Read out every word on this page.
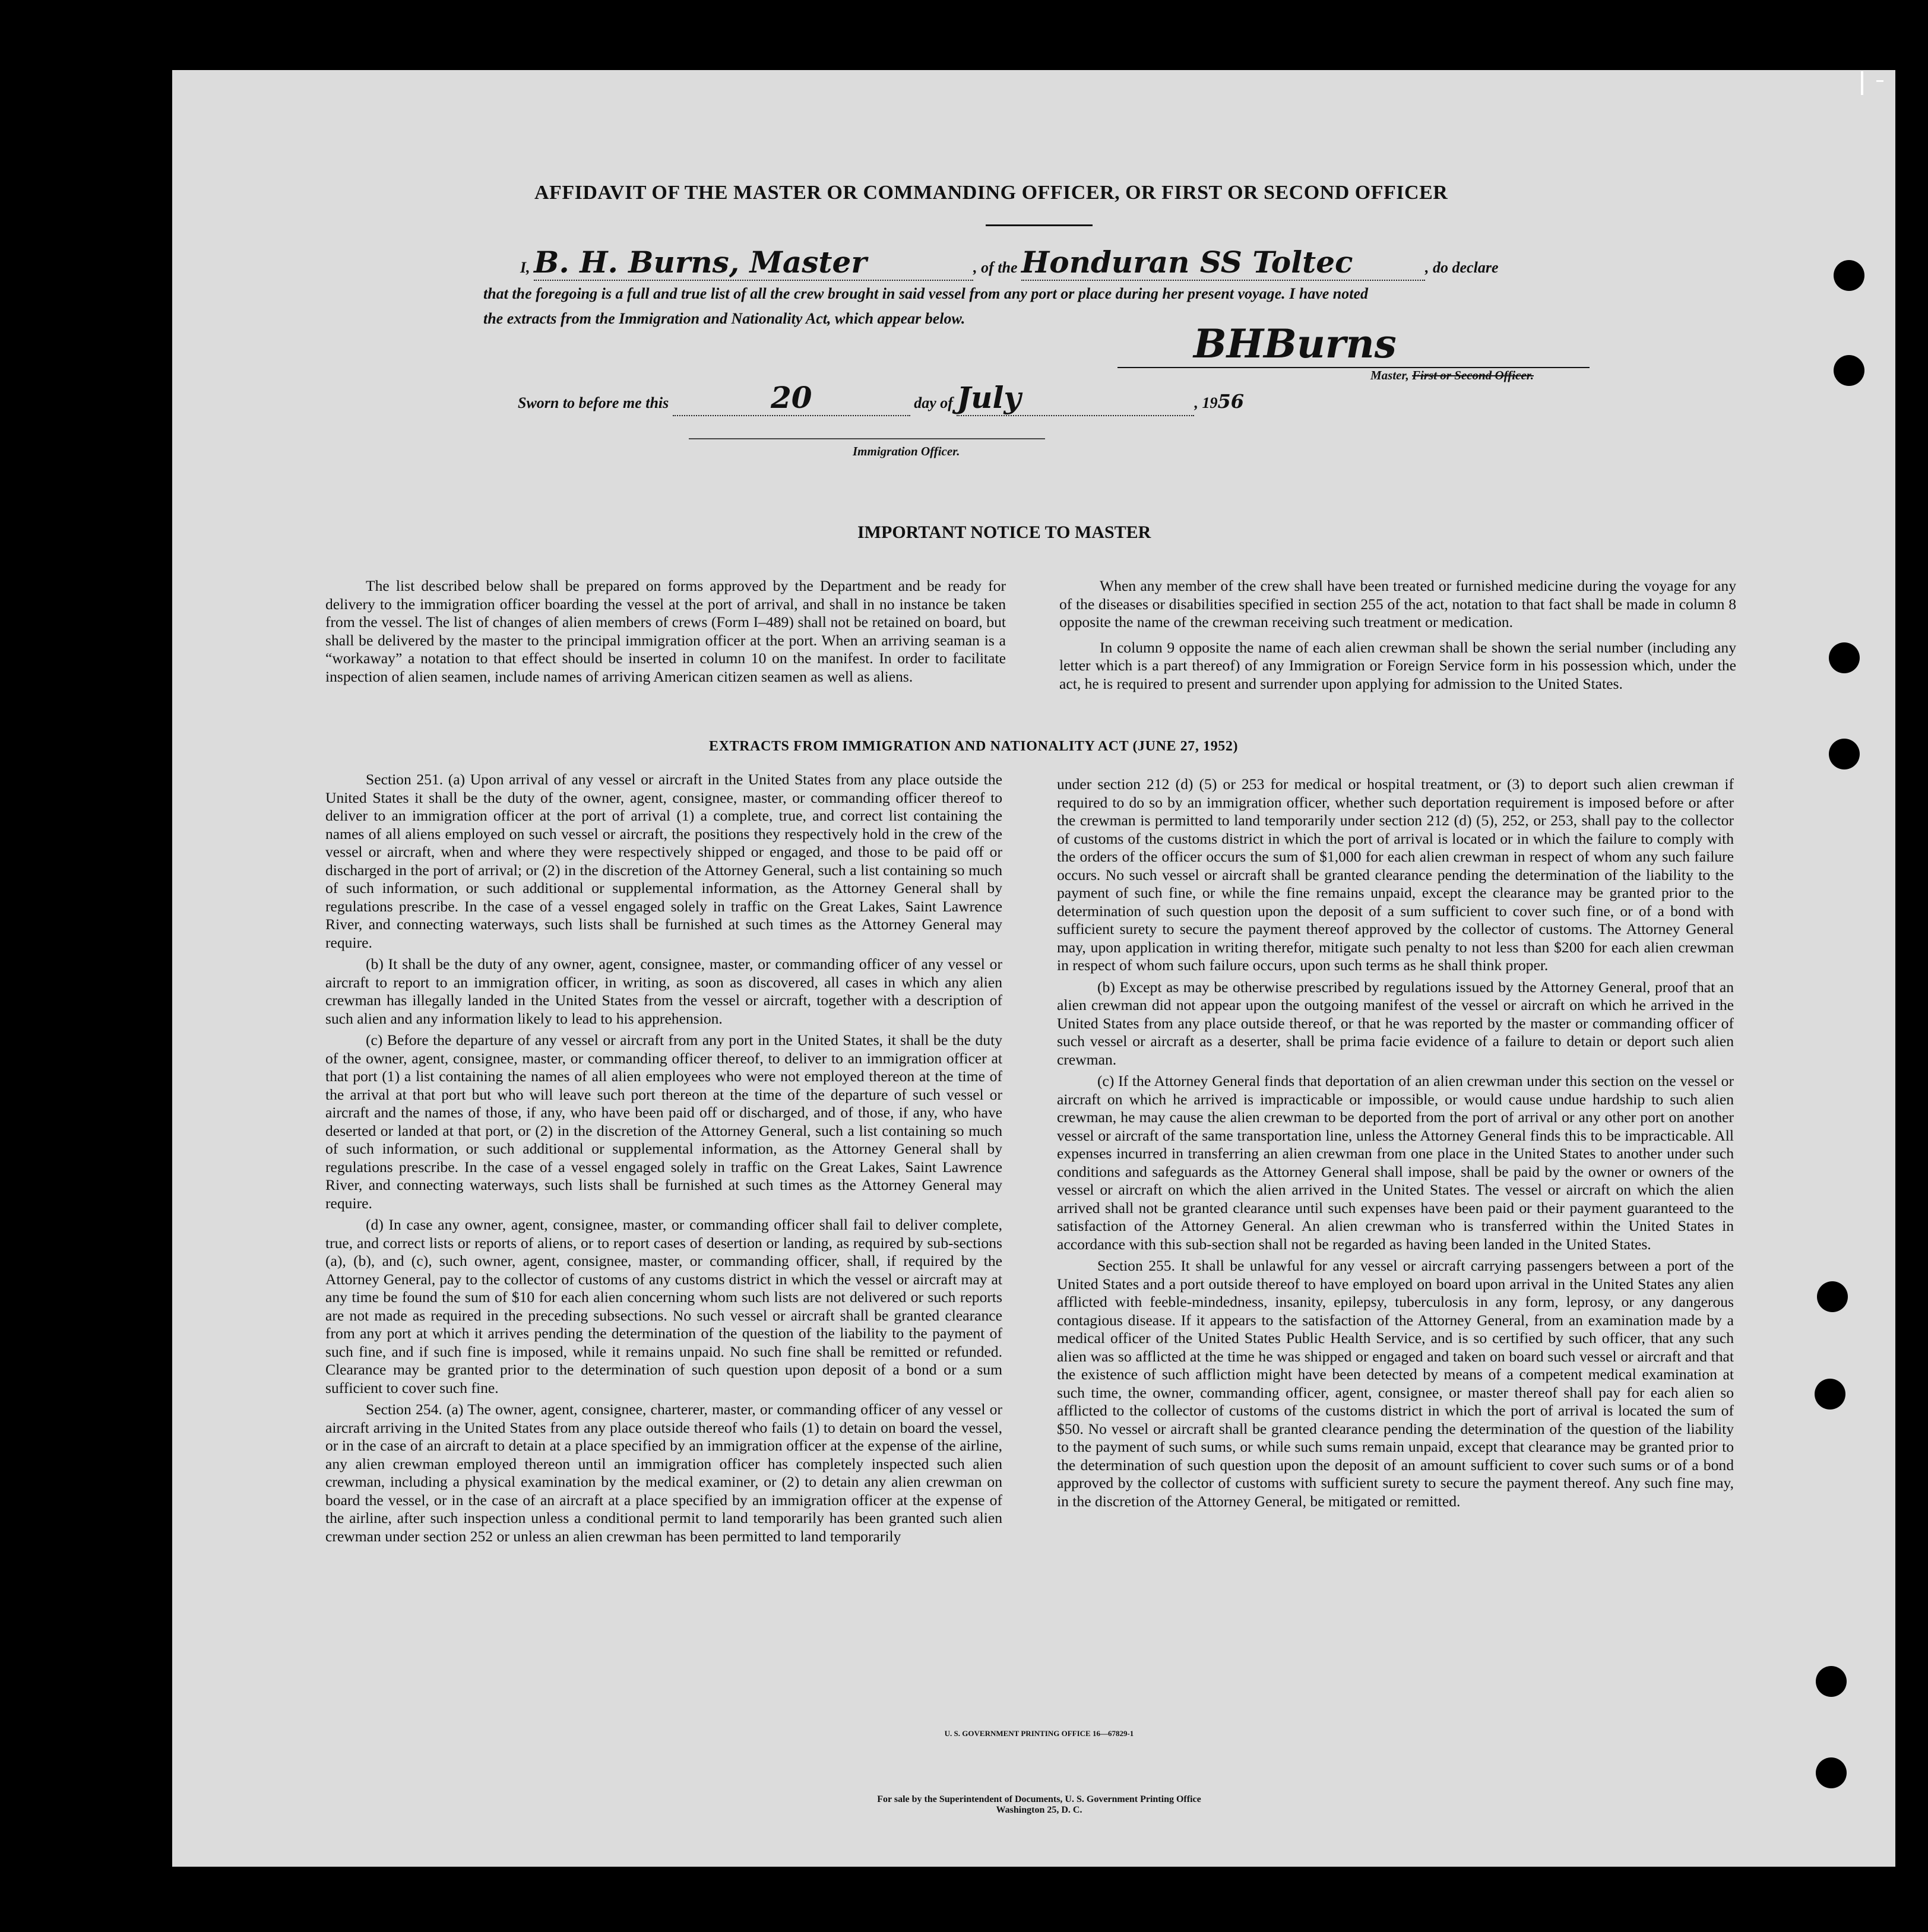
AFFIDAVIT OF THE MASTER OR COMMANDING OFFICER, OR FIRST OR SECOND OFFICER
I, B. H. Burns, Master	, of the Honduran SS Toltec	, do declare
that the foregoing is a full and true list of all the crew brought in said vessel from any port or place during her present voyage. I have noted
the extracts from the Immigration and Nationality Act, which appear below.
BHBurns
Master, First or Second Officer.
Sworn to before me this	20	day of July	, 1956
Immigration Officer.
IMPORTANT NOTICE TO MASTER

The list described below shall be prepared on forms approved by the Department and be ready for delivery to the immigration officer boarding the vessel at the port of arrival, and shall in no instance be taken from the vessel. The list of changes of alien members of crews (Form I–489) shall not be retained on board, but shall be delivered by the master to the principal immigration officer at the port. When an arriving seaman is a “workaway” a notation to that effect should be inserted in column 10 on the manifest. In order to facilitate inspection of alien seamen, include names of arriving American citizen seamen as well as aliens.

When any member of the crew shall have been treated or furnished medicine during the voyage for any of the diseases or disabilities specified in section 255 of the act, notation to that fact shall be made in column 8 opposite the name of the crewman receiving such treatment or medication.

In column 9 opposite the name of each alien crewman shall be shown the serial number (including any letter which is a part thereof) of any Immigration or Foreign Service form in his possession which, under the act, he is required to present and surrender upon applying for admission to the United States.

EXTRACTS FROM IMMIGRATION AND NATIONALITY ACT (JUNE 27, 1952)

Section 251. (a) Upon arrival of any vessel or aircraft in the United States from any place outside the United States it shall be the duty of the owner, agent, consignee, master, or commanding officer thereof to deliver to an immigration officer at the port of arrival (1) a complete, true, and correct list containing the names of all aliens employed on such vessel or aircraft, the positions they respectively hold in the crew of the vessel or aircraft, when and where they were respectively shipped or engaged, and those to be paid off or discharged in the port of arrival; or (2) in the discretion of the Attorney General, such a list containing so much of such information, or such additional or supplemental information, as the Attorney General shall by regulations prescribe. In the case of a vessel engaged solely in traffic on the Great Lakes, Saint Lawrence River, and connecting waterways, such lists shall be furnished at such times as the Attorney General may require.

(b) It shall be the duty of any owner, agent, consignee, master, or commanding officer of any vessel or aircraft to report to an immigration officer, in writing, as soon as discovered, all cases in which any alien crewman has illegally landed in the United States from the vessel or aircraft, together with a description of such alien and any information likely to lead to his apprehension.

(c) Before the departure of any vessel or aircraft from any port in the United States, it shall be the duty of the owner, agent, consignee, master, or commanding officer thereof, to deliver to an immigration officer at that port (1) a list containing the names of all alien employees who were not employed thereon at the time of the arrival at that port but who will leave such port thereon at the time of the departure of such vessel or aircraft and the names of those, if any, who have been paid off or discharged, and of those, if any, who have deserted or landed at that port, or (2) in the discretion of the Attorney General, such a list containing so much of such information, or such additional or supplemental information, as the Attorney General shall by regulations prescribe. In the case of a vessel engaged solely in traffic on the Great Lakes, Saint Lawrence River, and connecting waterways, such lists shall be furnished at such times as the Attorney General may require.

(d) In case any owner, agent, consignee, master, or commanding officer shall fail to deliver complete, true, and correct lists or reports of aliens, or to report cases of desertion or landing, as required by sub-sections (a), (b), and (c), such owner, agent, consignee, master, or commanding officer, shall, if required by the Attorney General, pay to the collector of customs of any customs district in which the vessel or aircraft may at any time be found the sum of $10 for each alien concerning whom such lists are not delivered or such reports are not made as required in the preceding subsections. No such vessel or aircraft shall be granted clearance from any port at which it arrives pending the determination of the question of the liability to the payment of such fine, and if such fine is imposed, while it remains unpaid. No such fine shall be remitted or refunded. Clearance may be granted prior to the determination of such question upon deposit of a bond or a sum sufficient to cover such fine.

Section 254. (a) The owner, agent, consignee, charterer, master, or commanding officer of any vessel or aircraft arriving in the United States from any place outside thereof who fails (1) to detain on board the vessel, or in the case of an aircraft to detain at a place specified by an immigration officer at the expense of the airline, any alien crewman employed thereon until an immigration officer has completely inspected such alien crewman, including a physical examination by the medical examiner, or (2) to detain any alien crewman on board the vessel, or in the case of an aircraft at a place specified by an immigration officer at the expense of the airline, after such inspection unless a conditional permit to land temporarily has been granted such alien crewman under section 252 or unless an alien crewman has been permitted to land temporarily

under section 212 (d) (5) or 253 for medical or hospital treatment, or (3) to deport such alien crewman if required to do so by an immigration officer, whether such deportation requirement is imposed before or after the crewman is permitted to land temporarily under section 212 (d) (5), 252, or 253, shall pay to the collector of customs of the customs district in which the port of arrival is located or in which the failure to comply with the orders of the officer occurs the sum of $1,000 for each alien crewman in respect of whom any such failure occurs. No such vessel or aircraft shall be granted clearance pending the determination of the liability to the payment of such fine, or while the fine remains unpaid, except the clearance may be granted prior to the determination of such question upon the deposit of a sum sufficient to cover such fine, or of a bond with sufficient surety to secure the payment thereof approved by the collector of customs. The Attorney General may, upon application in writing therefor, mitigate such penalty to not less than $200 for each alien crewman in respect of whom such failure occurs, upon such terms as he shall think proper.

(b) Except as may be otherwise prescribed by regulations issued by the Attorney General, proof that an alien crewman did not appear upon the outgoing manifest of the vessel or aircraft on which he arrived in the United States from any place outside thereof, or that he was reported by the master or commanding officer of such vessel or aircraft as a deserter, shall be prima facie evidence of a failure to detain or deport such alien crewman.

(c) If the Attorney General finds that deportation of an alien crewman under this section on the vessel or aircraft on which he arrived is impracticable or impossible, or would cause undue hardship to such alien crewman, he may cause the alien crewman to be deported from the port of arrival or any other port on another vessel or aircraft of the same transportation line, unless the Attorney General finds this to be impracticable. All expenses incurred in transferring an alien crewman from one place in the United States to another under such conditions and safeguards as the Attorney General shall impose, shall be paid by the owner or owners of the vessel or aircraft on which the alien arrived in the United States. The vessel or aircraft on which the alien arrived shall not be granted clearance until such expenses have been paid or their payment guaranteed to the satisfaction of the Attorney General. An alien crewman who is transferred within the United States in accordance with this sub-section shall not be regarded as having been landed in the United States.

Section 255. It shall be unlawful for any vessel or aircraft carrying passengers between a port of the United States and a port outside thereof to have employed on board upon arrival in the United States any alien afflicted with feeble-mindedness, insanity, epilepsy, tuberculosis in any form, leprosy, or any dangerous contagious disease. If it appears to the satisfaction of the Attorney General, from an examination made by a medical officer of the United States Public Health Service, and is so certified by such officer, that any such alien was so afflicted at the time he was shipped or engaged and taken on board such vessel or aircraft and that the existence of such affliction might have been detected by means of a competent medical examination at such time, the owner, commanding officer, agent, consignee, or master thereof shall pay for each alien so afflicted to the collector of customs of the customs district in which the port of arrival is located the sum of $50. No vessel or aircraft shall be granted clearance pending the determination of the question of the liability to the payment of such sums, or while such sums remain unpaid, except that clearance may be granted prior to the determination of such question upon the deposit of an amount sufficient to cover such sums or of a bond approved by the collector of customs with sufficient surety to secure the payment thereof. Any such fine may, in the discretion of the Attorney General, be mitigated or remitted.

U. S. GOVERNMENT PRINTING OFFICE 16—67829-1
For sale by the Superintendent of Documents, U. S. Government Printing Office
Washington 25, D. C.
